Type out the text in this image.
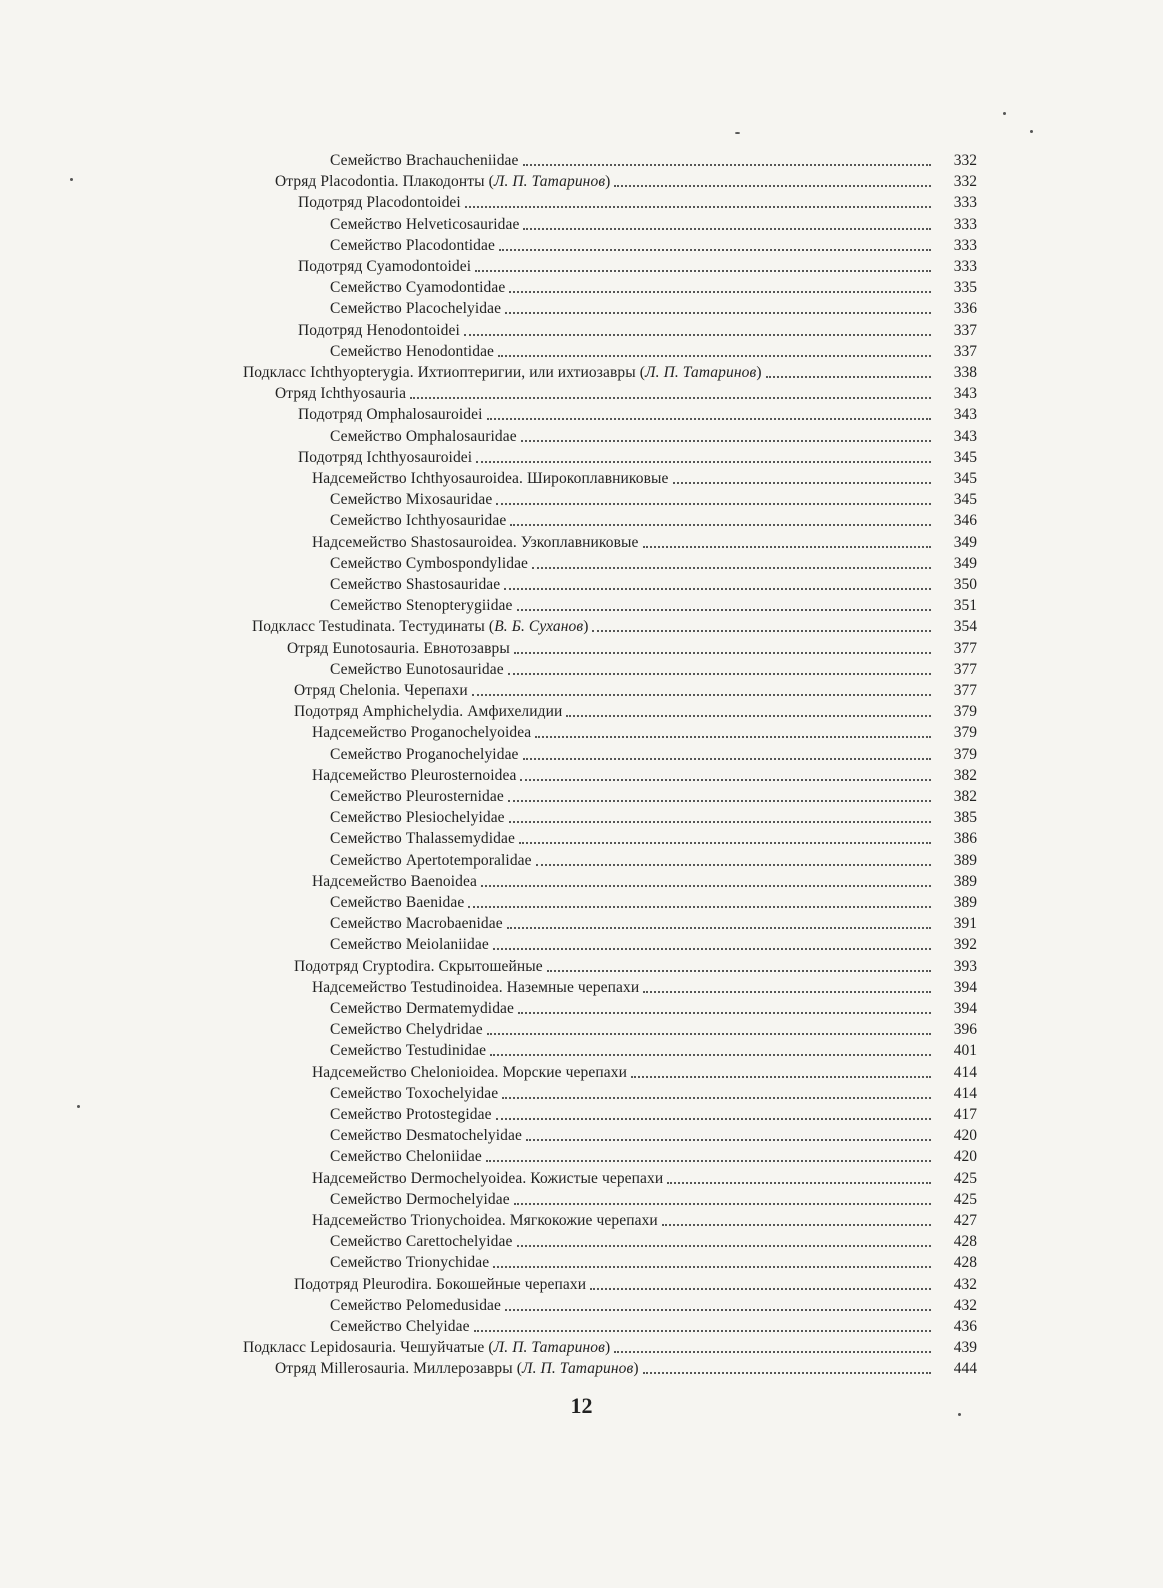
Семейство Brachaucheniidae	332
Отряд Placodontia. Плакодонты (Л. П. Татаринов)	332
Подотряд Placodontoidei	333
Семейство Helveticosauridae	333
Семейство Placodontidae	333
Подотряд Cyamodontoidei	333
Семейство Cyamodontidae	335
Семейство Placochelyidae	336
Подотряд Henodontoidei	337
Семейство Henodontidae	337
Подкласс Ichthyopterygia. Ихтиоптеригии, или ихтиозавры (Л. П. Татаринов)	338
Отряд Ichthyosauria	343
Подотряд Omphalosauroidei	343
Семейство Omphalosauridae	343
Подотряд Ichthyosauroidei	345
Надсемейство Ichthyosauroidea. Широкоплавниковые	345
Семейство Mixosauridae	345
Семейство Ichthyosauridae	346
Надсемейство Shastosauroidea. Узкоплавниковые	349
Семейство Cymbospondylidae	349
Семейство Shastosauridae	350
Семейство Stenopterygiidae	351
Подкласс Testudinata. Тестудинаты (В. Б. Суханов)	354
Отряд Eunotosauria. Евнотозавры	377
Семейство Eunotosauridae	377
Отряд Chelonia. Черепахи	377
Подотряд Amphichelydia. Амфихелидии	379
Надсемейство Proganochelyoidea	379
Семейство Proganochelyidae	379
Надсемейство Pleurosternoidea	382
Семейство Pleurosternidae	382
Семейство Plesiochelyidae	385
Семейство Thalassemydidae	386
Семейство Apertotemporalidae	389
Надсемейство Baenoidea	389
Семейство Baenidae	389
Семейство Macrobaenidae	391
Семейство Meiolaniidae	392
Подотряд Cryptodira. Скрытошейные	393
Надсемейство Testudinoidea. Наземные черепахи	394
Семейство Dermatemydidae	394
Семейство Chelydridae	396
Семейство Testudinidae	401
Надсемейство Chelonioidea. Морские черепахи	414
Семейство Toxochelyidae	414
Семейство Protostegidae	417
Семейство Desmatochelyidae	420
Семейство Cheloniidae	420
Надсемейство Dermochelyoidea. Кожистые черепахи	425
Семейство Dermochelyidae	425
Надсемейство Trionychoidea. Мягкокожие черепахи	427
Семейство Carettochelyidae	428
Семейство Trionychidae	428
Подотряд Pleurodira. Бокошейные черепахи	432
Семейство Pelomedusidae	432
Семейство Chelyidae	436
Подкласс Lepidosauria. Чешуйчатые (Л. П. Татаринов)	439
Отряд Millerosauria. Миллерозавры (Л. П. Татаринов)	444
12
